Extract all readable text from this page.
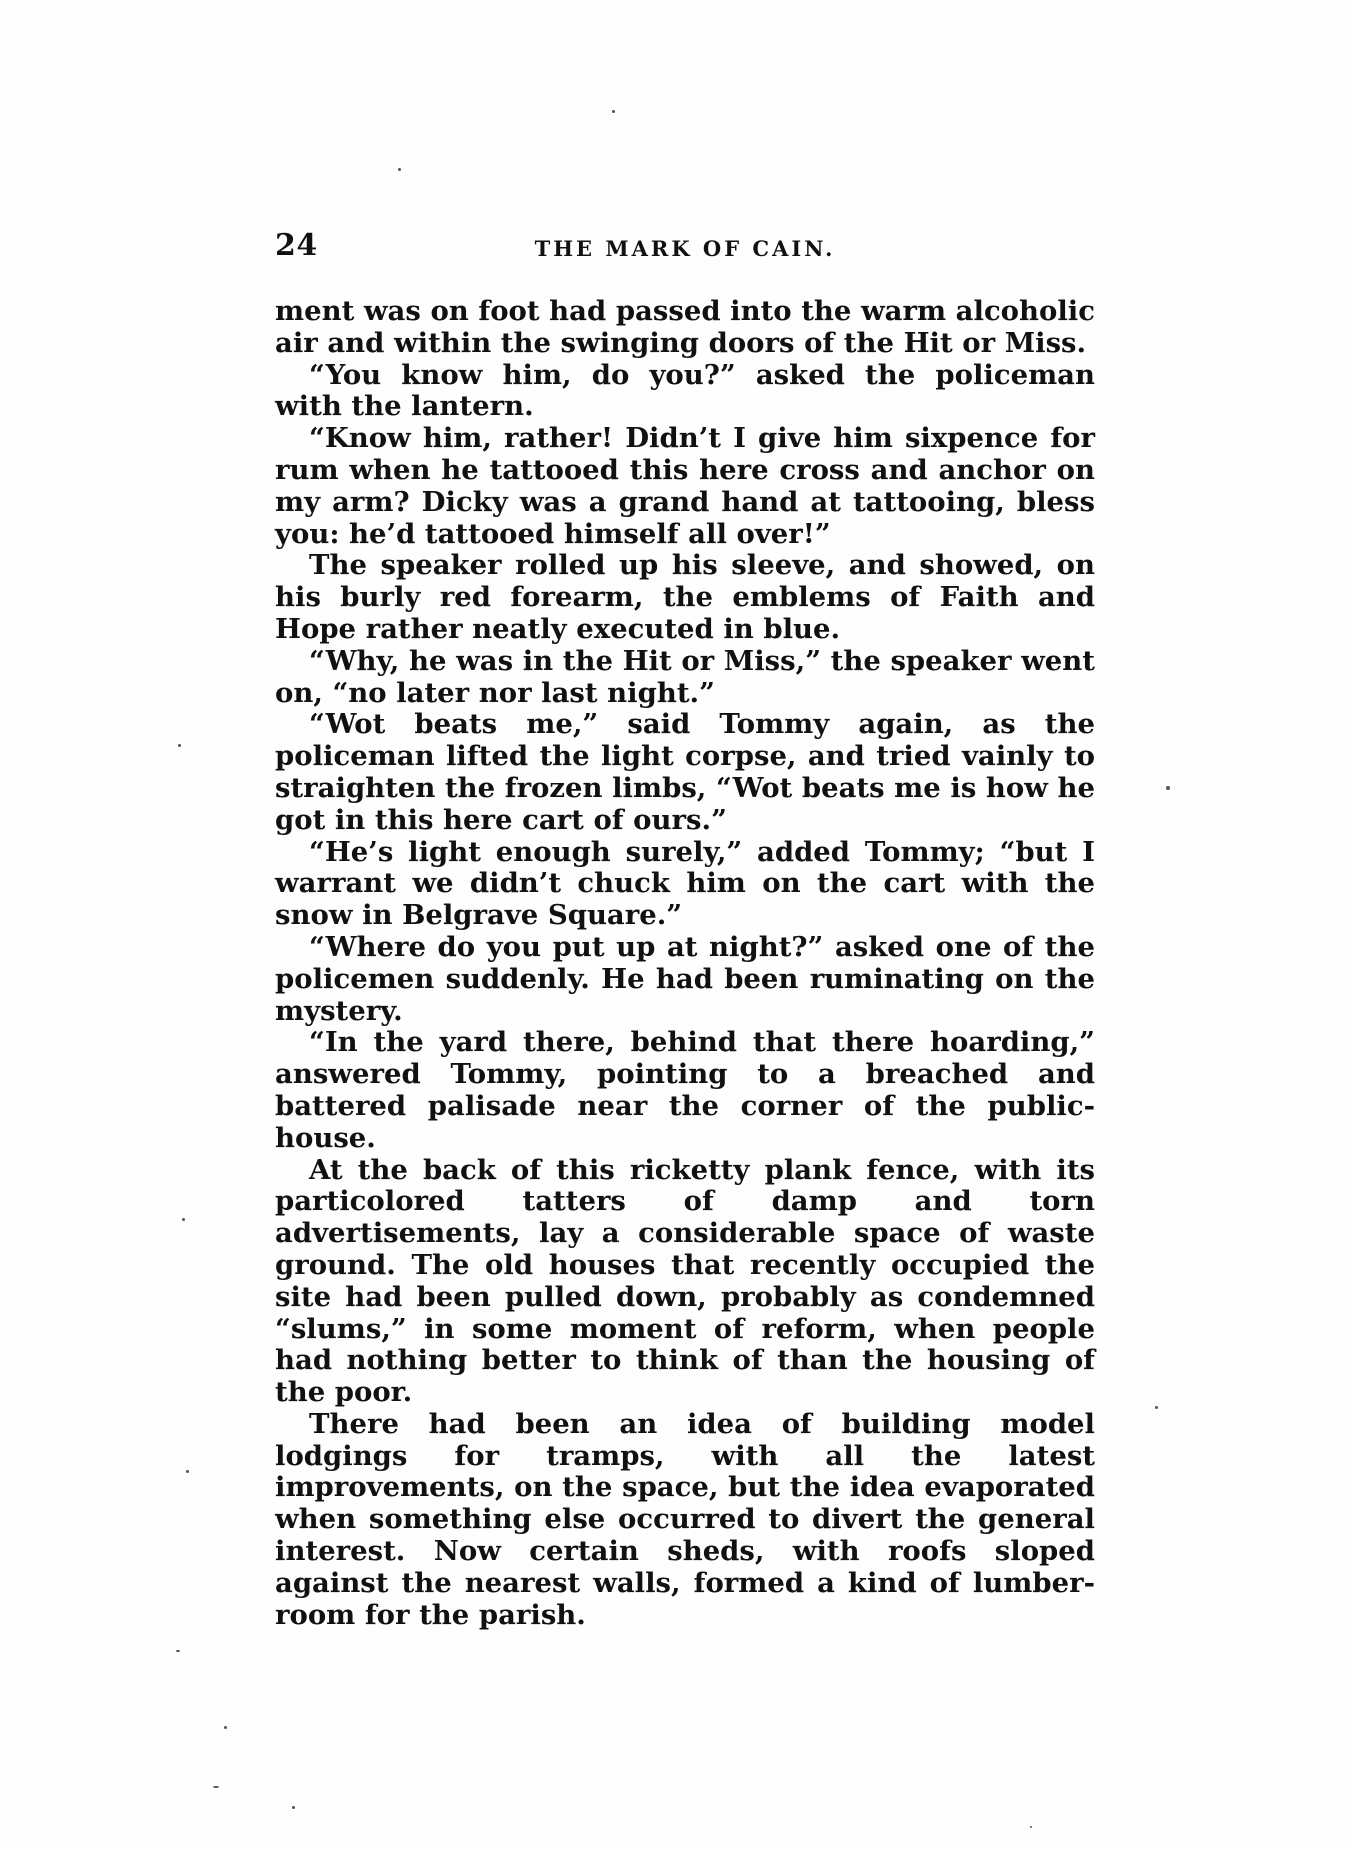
24	THE MARK OF CAIN.

ment was on foot had passed into the warm alcoholic air and within the swinging doors of the Hit or Miss.

“You know him, do you?” asked the policeman with the lantern.

“Know him, rather! Didn’t I give him sixpence for rum when he tattooed this here cross and anchor on my arm? Dicky was a grand hand at tattooing, bless you: he’d tattooed himself all over!”

The speaker rolled up his sleeve, and showed, on his burly red forearm, the emblems of Faith and Hope rather neatly executed in blue.

“Why, he was in the Hit or Miss,” the speaker went on, “no later nor last night.”

“Wot beats me,” said Tommy again, as the policeman lifted the light corpse, and tried vainly to straighten the frozen limbs, “Wot beats me is how he got in this here cart of ours.”

“He’s light enough surely,” added Tommy; “but I warrant we didn’t chuck him on the cart with the snow in Belgrave Square.”

“Where do you put up at night?” asked one of the policemen suddenly. He had been ruminating on the mystery.

“In the yard there, behind that there hoarding,” answered Tommy, pointing to a breached and battered palisade near the corner of the public-house.

At the back of this ricketty plank fence, with its particolored tatters of damp and torn advertisements, lay a considerable space of waste ground. The old houses that recently occupied the site had been pulled down, probably as condemned “slums,” in some moment of reform, when people had nothing better to think of than the housing of the poor.

There had been an idea of building model lodgings for tramps, with all the latest improvements, on the space, but the idea evaporated when something else occurred to divert the general interest. Now certain sheds, with roofs sloped against the nearest walls, formed a kind of lumber-room for the parish.
